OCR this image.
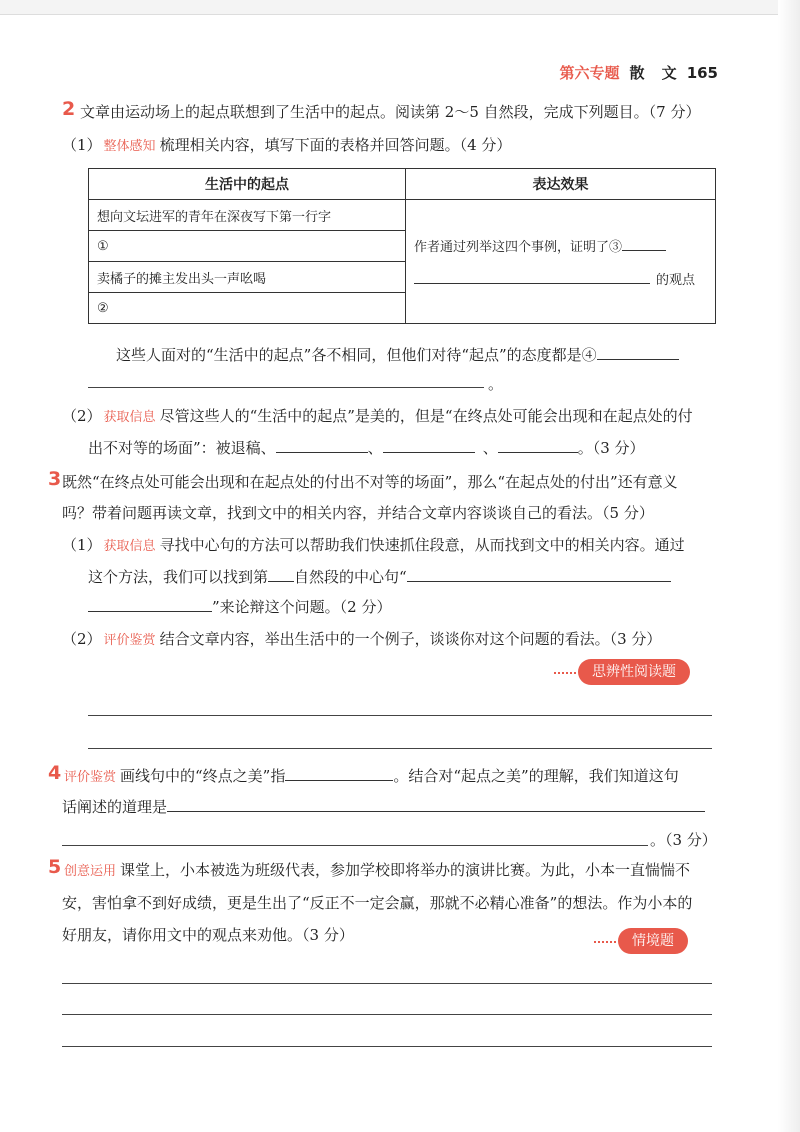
第六专题 散 文 165
2 文章由运动场上的起点联想到了生活中的起点。阅读第 2～5 自然段，完成下列题目。（7 分）
（1） 整体感知 梳理相关内容，填写下面的表格并回答问题。（4 分）
生活中的起点	表达效果
想向文坛进军的青年在深夜写下第一行字	作者通过列举这四个事例，证明了③
的观点

①	
卖橘子的摊主发出头一声吆喝	
②	
这些人面对的“生活中的起点”各不相同，但他们对待“起点”的态度都是④
。
（2） 获取信息 尽管这些人的“生活中的起点”是美的，但是“在终点处可能会出现和在起点处的付
出不对等的场面”：被退稿、	、	、	。（3 分）
3 既然“在终点处可能会出现和在起点处的付出不对等的场面”，那么“在起点处的付出”还有意义
吗？带着问题再读文章，找到文中的相关内容，并结合文章内容谈谈自己的看法。（5 分）
（1） 获取信息 寻找中心句的方法可以帮助我们快速抓住段意，从而找到文中的相关内容。通过
这个方法，我们可以找到第 自然段的中心句“
”来论辩这个问题。（2 分）
（2） 评价鉴赏 结合文章内容，举出生活中的一个例子，谈谈你对这个问题的看法。（3 分）
思辨性阅读题
4 评价鉴赏 画线句中的“终点之美”指	。结合对“起点之美”的理解，我们知道这句
话阐述的道理是
。（3 分）
5 创意运用 课堂上，小本被选为班级代表，参加学校即将举办的演讲比赛。为此，小本一直惴惴不
安，害怕拿不到好成绩，更是生出了“反正不一定会赢，那就不必精心准备”的想法。作为小本的
好朋友，请你用文中的观点来劝他。（3 分）	情境题
